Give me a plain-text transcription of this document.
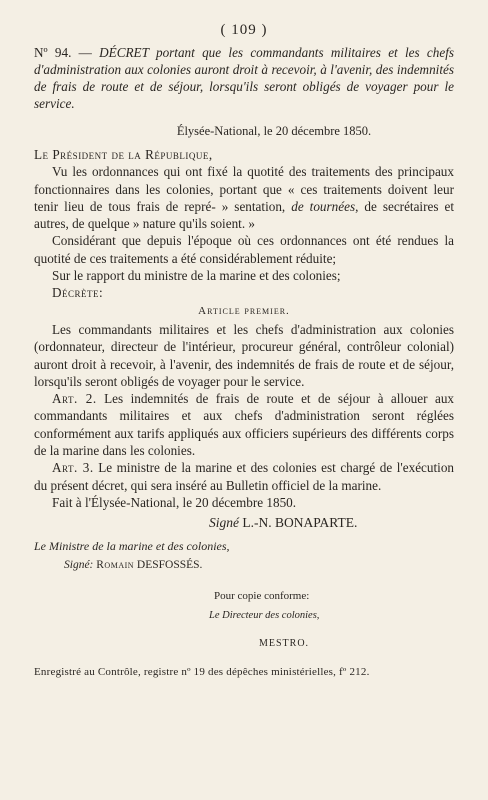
( 109 )
Nº 94. — DÉCRET portant que les commandants militaires et les chefs d'administration aux colonies auront droit à recevoir, à l'avenir, des indemnités de frais de route et de séjour, lorsqu'ils seront obligés de voyager pour le service.
Élysée-National, le 20 décembre 1850.

Le Président de la République,

Vu les ordonnances qui ont fixé la quotité des traitements des principaux fonctionnaires dans les colonies, portant que « ces traitements doivent leur tenir lieu de tous frais de repré- » sentation, de tournées, de secrétaires et autres, de quelque » nature qu'ils soient. »

Considérant que depuis l'époque où ces ordonnances ont été rendues la quotité de ces traitements a été considérablement réduite;

Sur le rapport du ministre de la marine et des colonies;

Décrète:

Article premier.

Les commandants militaires et les chefs d'administration aux colonies (ordonnateur, directeur de l'intérieur, procureur général, contrôleur colonial) auront droit à recevoir, à l'avenir, des indemnités de frais de route et de séjour, lorsqu'ils seront obligés de voyager pour le service.

Art. 2. Les indemnités de frais de route et de séjour à allouer aux commandants militaires et aux chefs d'administration seront réglées conformément aux tarifs appliqués aux officiers supérieurs des différents corps de la marine dans les colonies.

Art. 3. Le ministre de la marine et des colonies est chargé de l'exécution du présent décret, qui sera inséré au Bulletin officiel de la marine.

Fait à l'Élysée-National, le 20 décembre 1850.

Signé L.-N. BONAPARTE.

Le Ministre de la marine et des colonies,

Signé: Romain DESFOSSÉS.

Pour copie conforme:

Le Directeur des colonies,

MESTRO.

Enregistré au Contrôle, registre nº 19 des dépêches ministérielles, fº 212.
